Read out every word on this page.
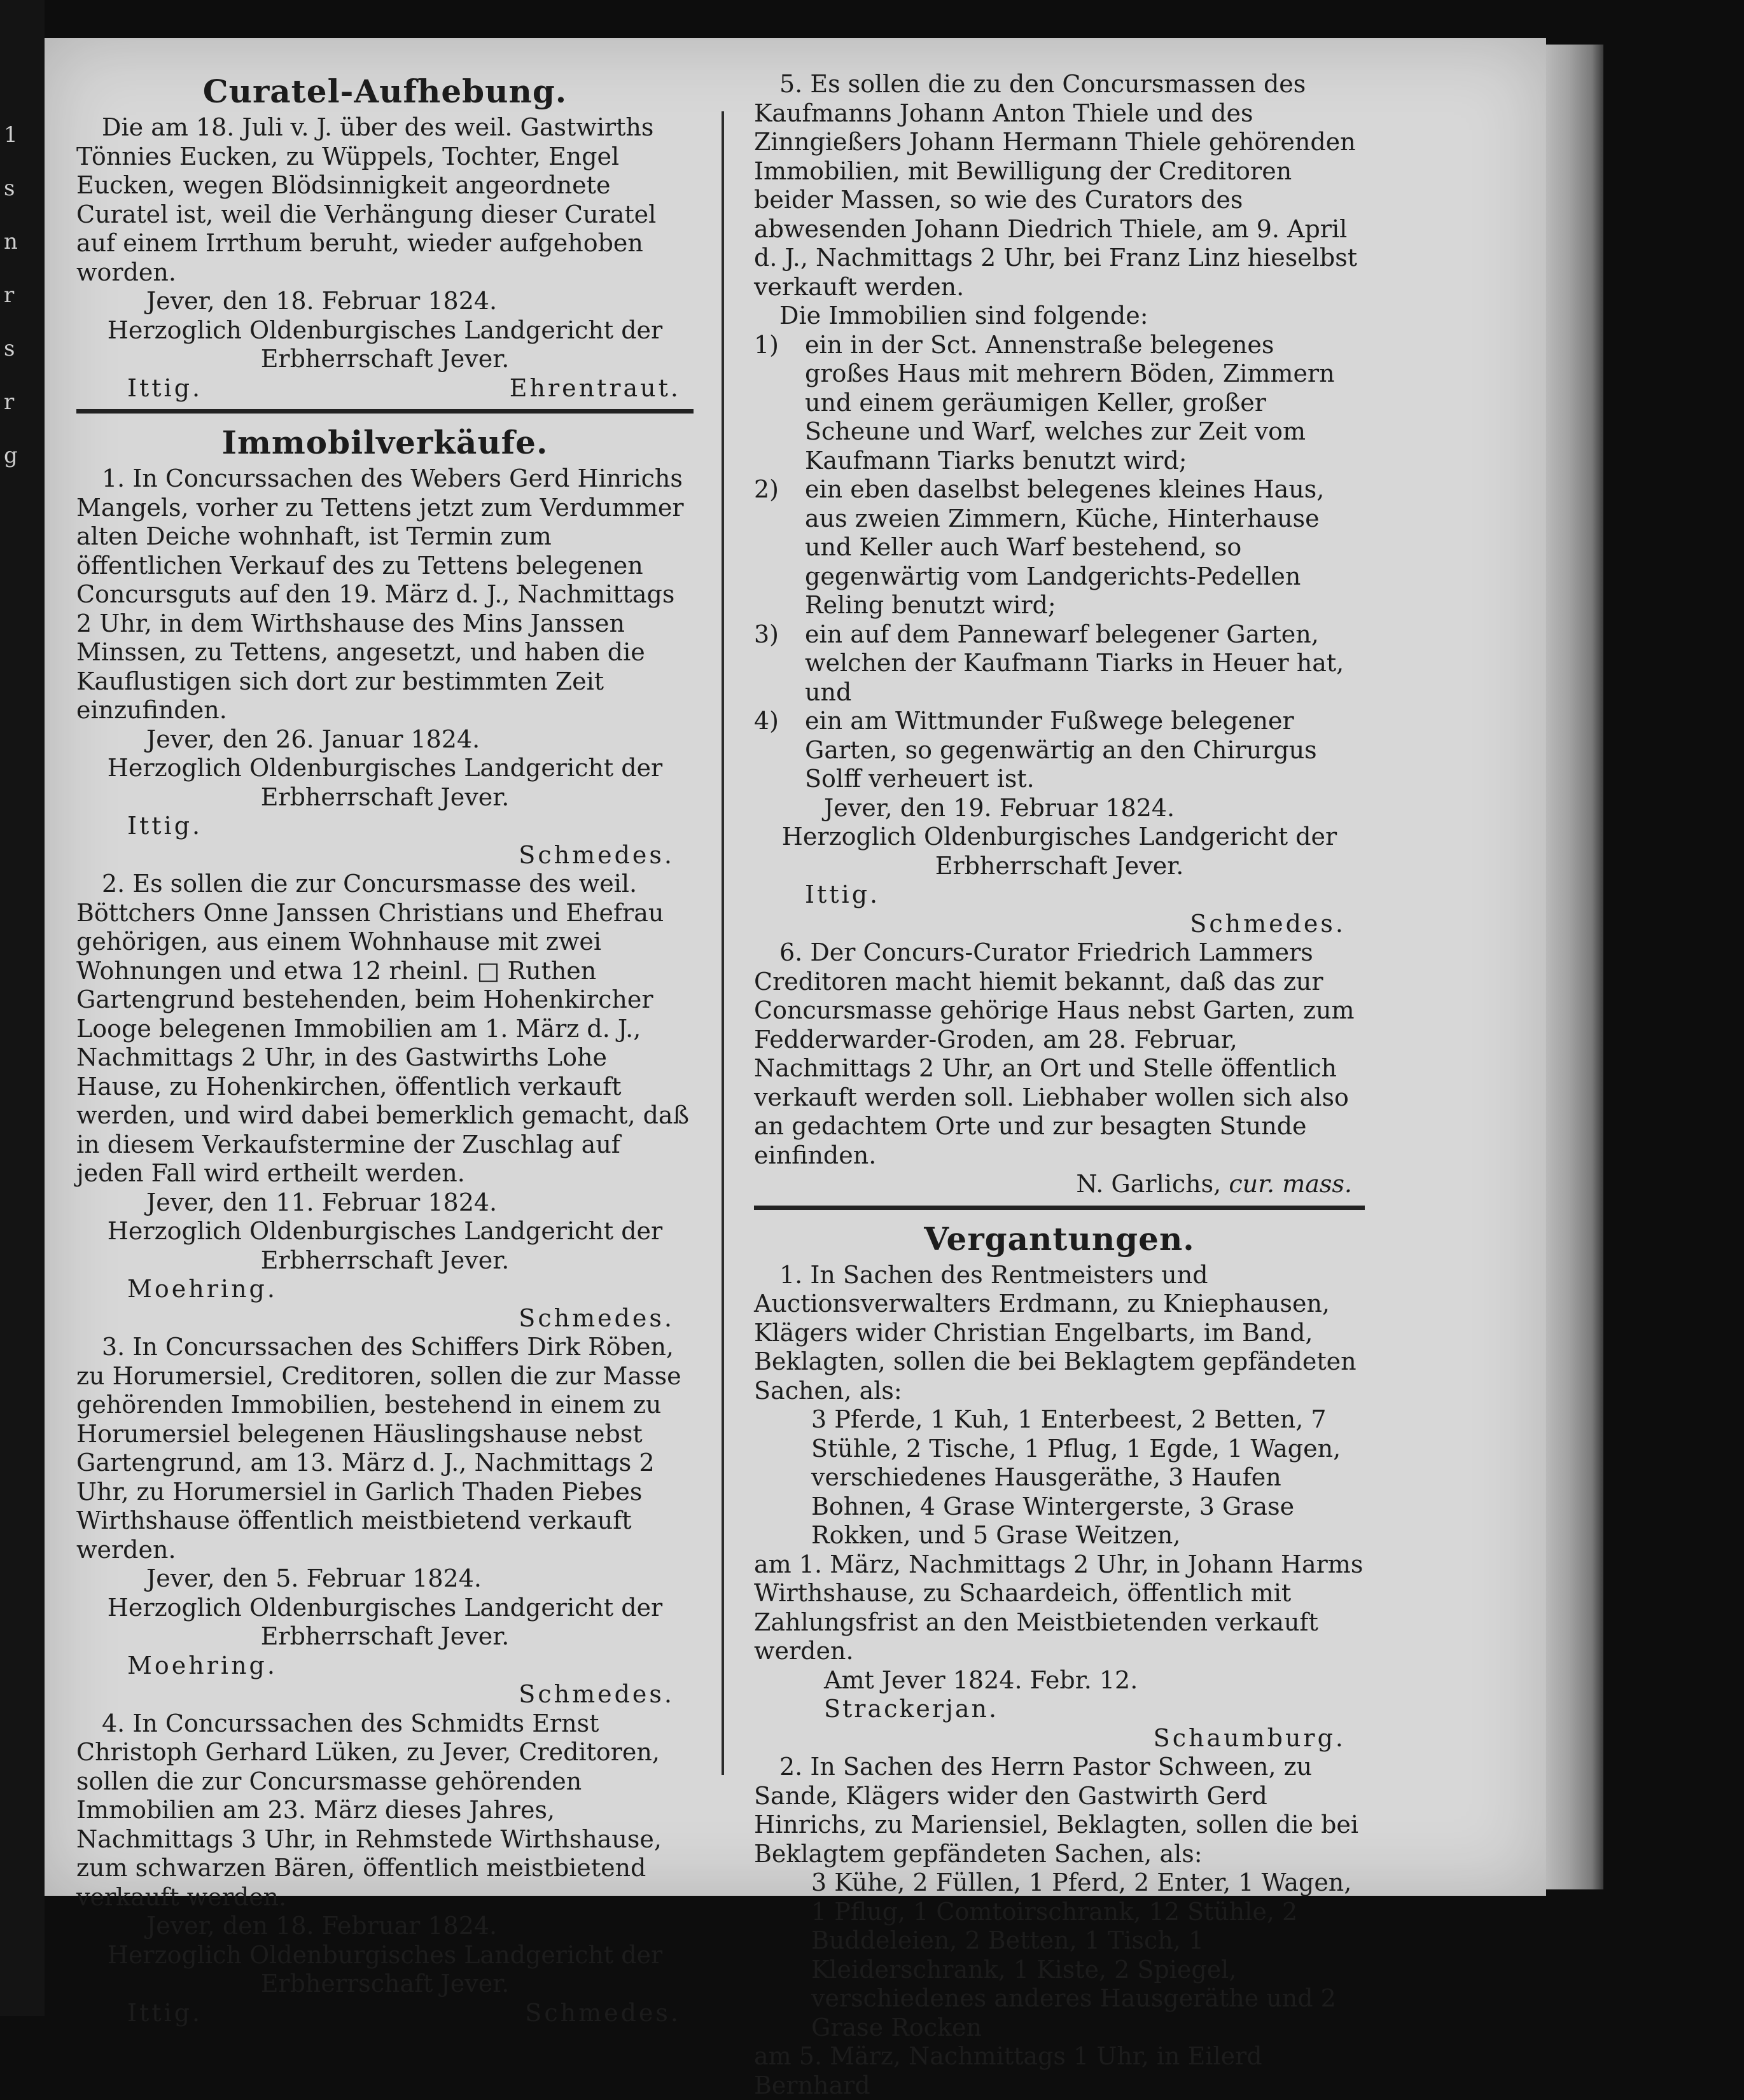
1
s
n
r
s
r
g
Curatel-Aufhebung.

Die am 18. Juli v. J. über des weil. Gastwirths Tönnies Eucken, zu Wüppels, Tochter, Engel Eucken, wegen Blödsinnigkeit angeordnete Curatel ist, weil die Verhängung dieser Curatel auf einem Irrthum beruht, wieder aufgehoben worden.

Jever, den 18. Februar 1824.

Herzoglich Oldenburgisches Landgericht der Erbherrschaft Jever.

Ittig.	Ehrentraut.
Immobilverkäufe.

1. In Concurssachen des Webers Gerd Hinrichs Mangels, vorher zu Tettens jetzt zum Verdummer alten Deiche wohnhaft, ist Termin zum öffentlichen Verkauf des zu Tettens belegenen Concursguts auf den 19. März d. J., Nachmittags 2 Uhr, in dem Wirthshause des Mins Janssen Minssen, zu Tettens, angesetzt, und haben die Kauflustigen sich dort zur bestimmten Zeit einzufinden.

Jever, den 26. Januar 1824.

Herzoglich Oldenburgisches Landgericht der Erbherrschaft Jever.

Ittig.

Schmedes.

2. Es sollen die zur Concursmasse des weil. Böttchers Onne Janssen Christians und Ehefrau gehörigen, aus einem Wohnhause mit zwei Wohnungen und etwa 12 rheinl. □ Ruthen Gartengrund bestehenden, beim Hohenkircher Looge belegenen Immobilien am 1. März d. J., Nachmittags 2 Uhr, in des Gastwirths Lohe Hause, zu Hohenkirchen, öffentlich verkauft werden, und wird dabei bemerklich gemacht, daß in diesem Verkaufstermine der Zuschlag auf jeden Fall wird ertheilt werden.

Jever, den 11. Februar 1824.

Herzoglich Oldenburgisches Landgericht der Erbherrschaft Jever.

Moehring.

Schmedes.

3. In Concurssachen des Schiffers Dirk Röben, zu Horumersiel, Creditoren, sollen die zur Masse gehörenden Immobilien, bestehend in einem zu Horumersiel belegenen Häuslingshause nebst Gartengrund, am 13. März d. J., Nachmittags 2 Uhr, zu Horumersiel in Garlich Thaden Piebes Wirthshause öffentlich meistbietend verkauft werden.

Jever, den 5. Februar 1824.

Herzoglich Oldenburgisches Landgericht der Erbherrschaft Jever.

Moehring.

Schmedes.

4. In Concurssachen des Schmidts Ernst Christoph Gerhard Lüken, zu Jever, Creditoren, sollen die zur Concursmasse gehörenden Immobilien am 23. März dieses Jahres, Nachmittags 3 Uhr, in Rehmstede Wirthshause, zum schwarzen Bären, öffentlich meistbietend verkauft werden.

Jever, den 18. Februar 1824.

Herzoglich Oldenburgisches Landgericht der Erbherrschaft Jever.

Ittig.	Schmedes.

5. Es sollen die zu den Concursmassen des Kaufmanns Johann Anton Thiele und des Zinngießers Johann Hermann Thiele gehörenden Immobilien, mit Bewilligung der Creditoren beider Massen, so wie des Curators des abwesenden Johann Diedrich Thiele, am 9. April d. J., Nachmittags 2 Uhr, bei Franz Linz hieselbst verkauft werden.

Die Immobilien sind folgende:

1) ein in der Sct. Annenstraße belegenes großes Haus mit mehrern Böden, Zimmern und einem geräumigen Keller, großer Scheune und Warf, welches zur Zeit vom Kaufmann Tiarks benutzt wird;
2) ein eben daselbst belegenes kleines Haus, aus zweien Zimmern, Küche, Hinterhause und Keller auch Warf bestehend, so gegenwärtig vom Landgerichts-Pedellen Reling benutzt wird;
3) ein auf dem Pannewarf belegener Garten, welchen der Kaufmann Tiarks in Heuer hat, und
4) ein am Wittmunder Fußwege belegener Garten, so gegenwärtig an den Chirurgus Solff verheuert ist.

Jever, den 19. Februar 1824.

Herzoglich Oldenburgisches Landgericht der Erbherrschaft Jever.

Ittig.

Schmedes.

6. Der Concurs-Curator Friedrich Lammers Creditoren macht hiemit bekannt, daß das zur Concursmasse gehörige Haus nebst Garten, zum Fedderwarder-Groden, am 28. Februar, Nachmittags 2 Uhr, an Ort und Stelle öffentlich verkauft werden soll. Liebhaber wollen sich also an gedachtem Orte und zur besagten Stunde einfinden.

N. Garlichs, cur. mass.

Vergantungen.

1. In Sachen des Rentmeisters und Auctionsverwalters Erdmann, zu Kniephausen, Klägers wider Christian Engelbarts, im Band, Beklagten, sollen die bei Beklagtem gepfändeten Sachen, als:

3 Pferde, 1 Kuh, 1 Enterbeest, 2 Betten, 7 Stühle, 2 Tische, 1 Pflug, 1 Egde, 1 Wagen, verschiedenes Hausgeräthe, 3 Haufen Bohnen, 4 Grase Wintergerste, 3 Grase Rokken, und 5 Grase Weitzen,

am 1. März, Nachmittags 2 Uhr, in Johann Harms Wirthshause, zu Schaardeich, öffentlich mit Zahlungsfrist an den Meistbietenden verkauft werden.

Amt Jever 1824. Febr. 12.

Strackerjan.

Schaumburg.

2. In Sachen des Herrn Pastor Schween, zu Sande, Klägers wider den Gastwirth Gerd Hinrichs, zu Mariensiel, Beklagten, sollen die bei Beklagtem gepfändeten Sachen, als:

3 Kühe, 2 Füllen, 1 Pferd, 2 Enter, 1 Wagen, 1 Pflug, 1 Comtoirschrank, 12 Stühle, 2 Buddeleien, 2 Betten, 1 Tisch, 1 Kleiderschrank, 1 Kiste, 2 Spiegel, verschiedenes anderes Hausgeräthe und 2 Grase Rocken

am 5. März, Nachmittags 1 Uhr, in Eilerd Bernhard
